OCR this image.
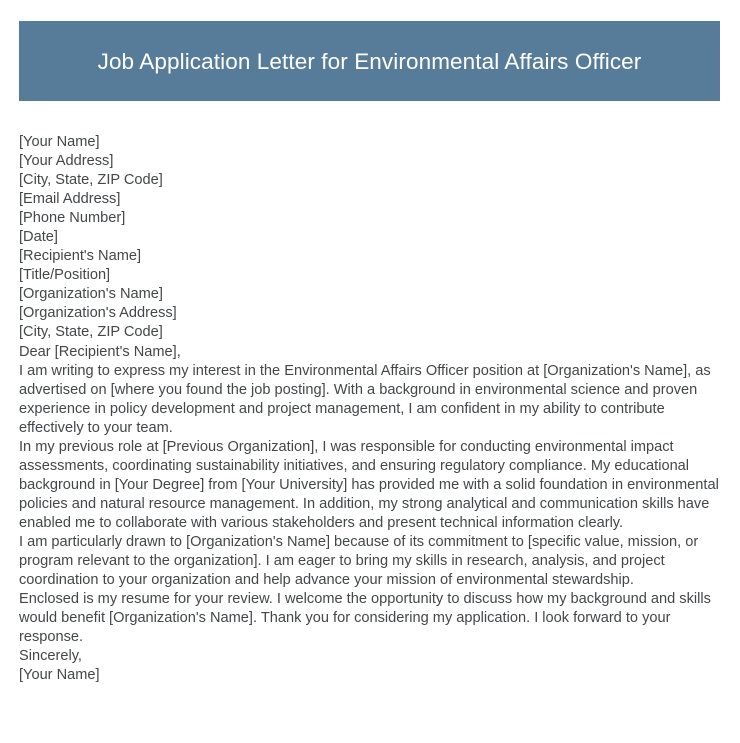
Job Application Letter for Environmental Affairs Officer

[Your Name]

[Your Address]

[City, State, ZIP Code]

[Email Address]

[Phone Number]

[Date]

[Recipient's Name]

[Title/Position]

[Organization's Name]

[Organization's Address]

[City, State, ZIP Code]

Dear [Recipient's Name],

I am writing to express my interest in the Environmental Affairs Officer position at [Organization's Name], as advertised on [where you found the job posting]. With a background in environmental science and proven experience in policy development and project management, I am confident in my ability to contribute effectively to your team.

In my previous role at [Previous Organization], I was responsible for conducting environmental impact assessments, coordinating sustainability initiatives, and ensuring regulatory compliance. My educational background in [Your Degree] from [Your University] has provided me with a solid foundation in environmental policies and natural resource management. In addition, my strong analytical and communication skills have enabled me to collaborate with various stakeholders and present technical information clearly.

I am particularly drawn to [Organization's Name] because of its commitment to [specific value, mission, or program relevant to the organization]. I am eager to bring my skills in research, analysis, and project coordination to your organization and help advance your mission of environmental stewardship.

Enclosed is my resume for your review. I welcome the opportunity to discuss how my background and skills would benefit [Organization's Name]. Thank you for considering my application. I look forward to your response.

Sincerely,

[Your Name]
